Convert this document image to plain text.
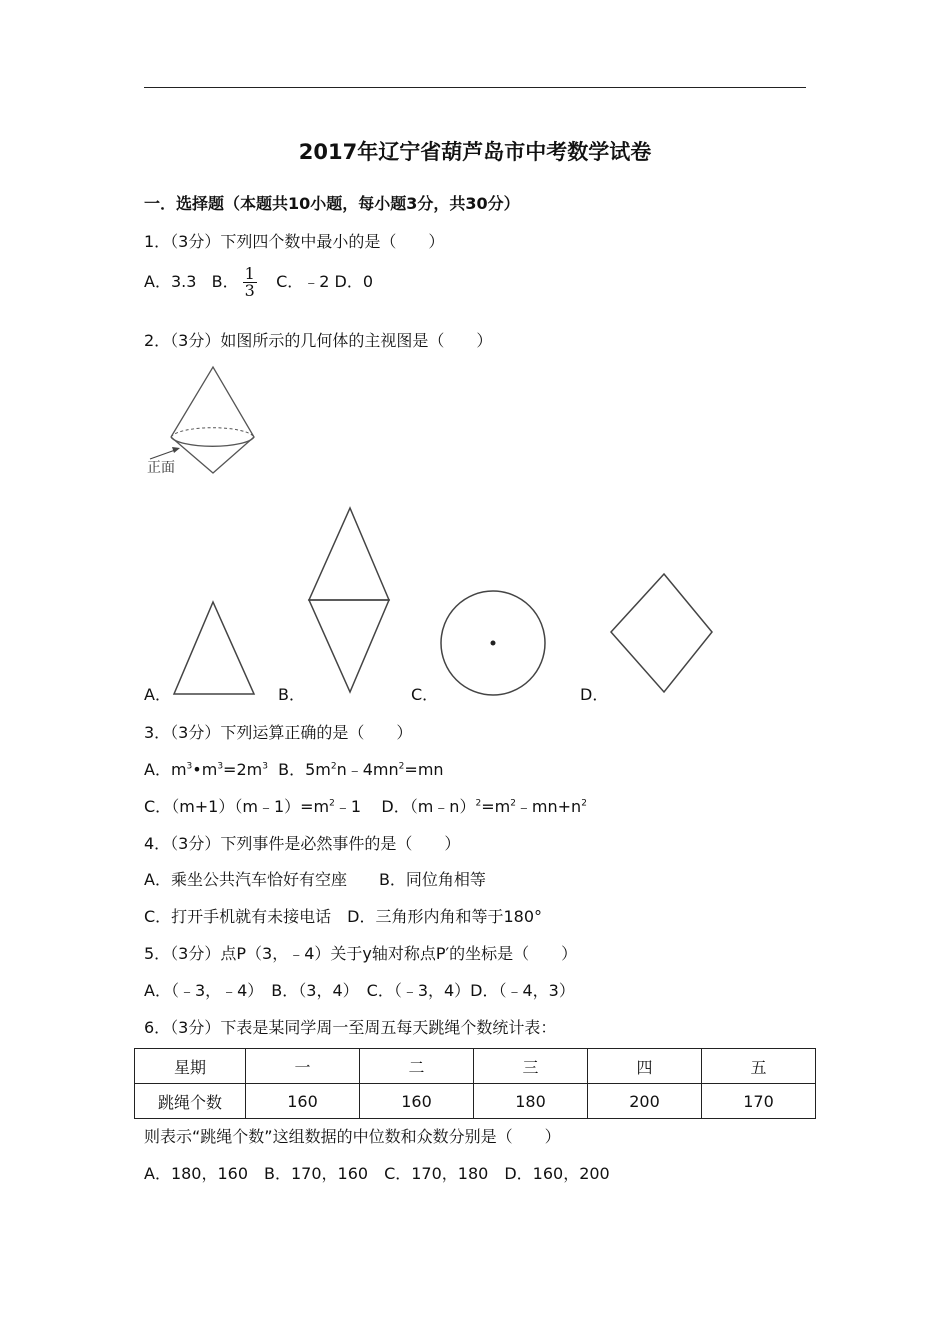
2017年辽宁省葫芦岛市中考数学试卷
一．选择题（本题共10小题，每小题3分，共30分）
1．（3分）下列四个数中最小的是（　　）
A．3.3 B． $\frac{1}{3}$ C．﹣2 D．0
2．（3分）如图所示的几何体的主视图是（　　）
正面
A．	B．	C．	D．
3．（3分）下列运算正确的是（　　）
A．$m^3•m^3=2m^3$ B．$5m^2n﹣4mn^2=mn$
C．$(m+1)(m﹣1)=m^2﹣1$    D．$(m﹣n)^2=m^2﹣mn+n^2$
4．（3分）下列事件是必然事件的是（　　）
A．乘坐公共汽车恰好有空座　　B．同位角相等
C．打开手机就有未接电话　D．三角形内角和等于180°
5．（3分）点P（3，﹣4）关于y轴对称点P′的坐标是（　　）
A．（﹣3，﹣4）　B．（3，4）　C．（﹣3，4）D．（﹣4，3）
6．（3分）下表是某同学周一至周五每天跳绳个数统计表：
星期	一	二	三	四	五
跳绳个数	160	160	180	200	170
则表示“跳绳个数”这组数据的中位数和众数分别是（　　）
A．180，160　B．170，160　C．170，180　D．160，200
